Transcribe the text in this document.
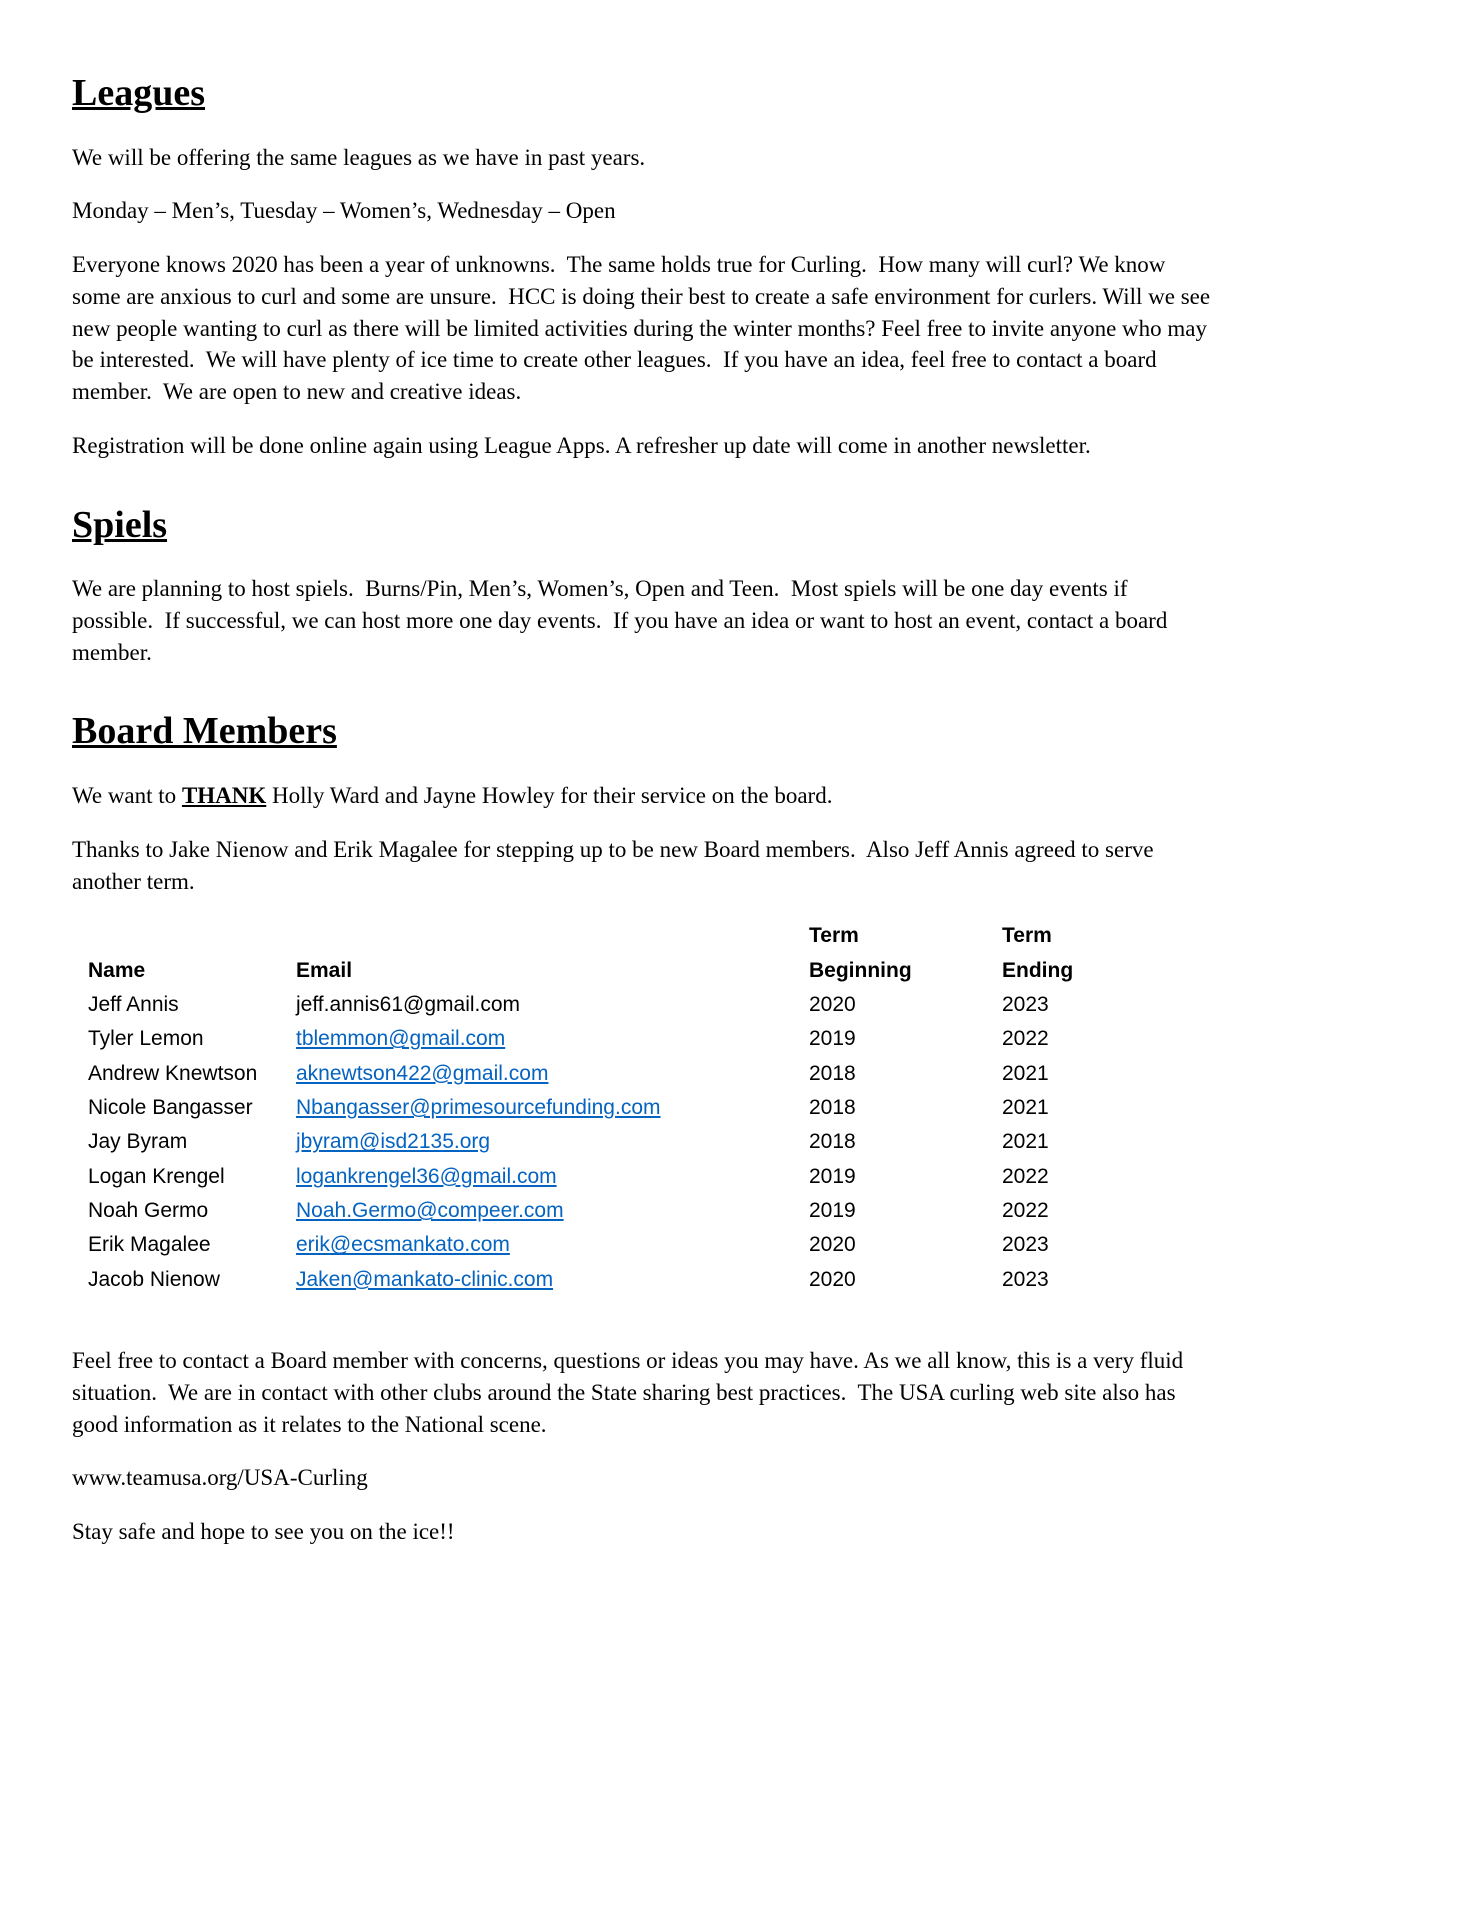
Leagues

We will be offering the same leagues as we have in past years.

Monday – Men’s, Tuesday – Women’s, Wednesday – Open

Everyone knows 2020 has been a year of unknowns.  The same holds true for Curling.  How many will curl? We know some are anxious to curl and some are unsure.  HCC is doing their best to create a safe environment for curlers. Will we see new people wanting to curl as there will be limited activities during the winter months? Feel free to invite anyone who may be interested.  We will have plenty of ice time to create other leagues.  If you have an idea, feel free to contact a board member.  We are open to new and creative ideas.

Registration will be done online again using League Apps. A refresher up date will come in another newsletter.

Spiels

We are planning to host spiels.  Burns/Pin, Men’s, Women’s, Open and Teen.  Most spiels will be one day events if possible.  If successful, we can host more one day events.  If you have an idea or want to host an event, contact a board member.

Board Members

We want to THANK Holly Ward and Jayne Howley for their service on the board.

Thanks to Jake Nienow and Erik Magalee for stepping up to be new Board members.  Also Jeff Annis agreed to serve another term.

		Term	Term
Name	Email	Beginning	Ending
Jeff Annis	jeff.annis61@gmail.com	2020	2023
Tyler Lemon	tblemmon@gmail.com	2019	2022
Andrew Knewtson	aknewtson422@gmail.com	2018	2021
Nicole Bangasser	Nbangasser@primesourcefunding.com	2018	2021
Jay Byram	jbyram@isd2135.org	2018	2021
Logan Krengel	logankrengel36@gmail.com	2019	2022
Noah Germo	Noah.Germo@compeer.com	2019	2022
Erik Magalee	erik@ecsmankato.com	2020	2023
Jacob Nienow	Jaken@mankato-clinic.com	2020	2023

Feel free to contact a Board member with concerns, questions or ideas you may have. As we all know, this is a very fluid situation.  We are in contact with other clubs around the State sharing best practices.  The USA curling web site also has good information as it relates to the National scene.

www.teamusa.org/USA-Curling

Stay safe and hope to see you on the ice!!
